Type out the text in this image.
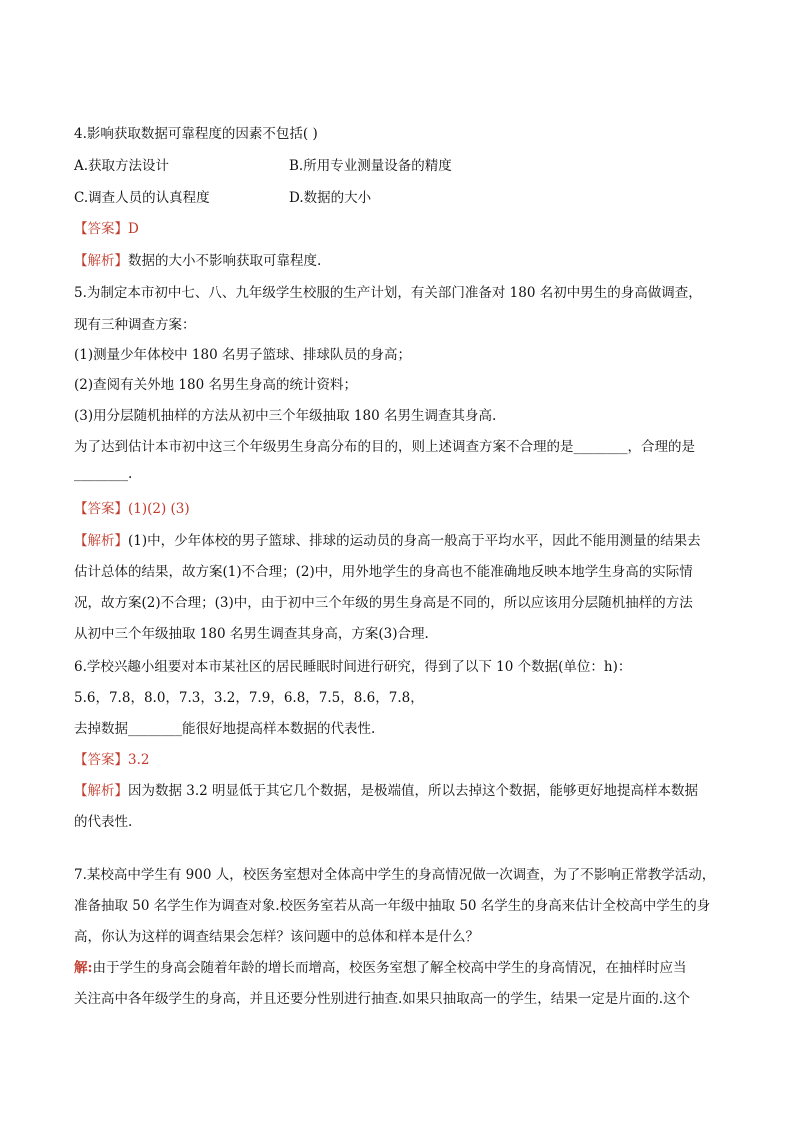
4.影响获取数据可靠程度的因素不包括( )
A.获取方法设计	B.所用专业测量设备的精度
C.调查人员的认真程度	D.数据的大小
【答案】D
【解析】数据的大小不影响获取可靠程度.
5.为制定本市初中七、八、九年级学生校服的生产计划，有关部门准备对 180 名初中男生的身高做调查，
现有三种调查方案：
(1)测量少年体校中 180 名男子篮球、排球队员的身高；
(2)查阅有关外地 180 名男生身高的统计资料；
(3)用分层随机抽样的方法从初中三个年级抽取 180 名男生调查其身高.
为了达到估计本市初中这三个年级男生身高分布的目的，则上述调查方案不合理的是________，合理的是
________.
【答案】(1)(2) (3)
【解析】(1)中，少年体校的男子篮球、排球的运动员的身高一般高于平均水平，因此不能用测量的结果去
估计总体的结果，故方案(1)不合理；(2)中，用外地学生的身高也不能准确地反映本地学生身高的实际情
况，故方案(2)不合理；(3)中，由于初中三个年级的男生身高是不同的，所以应该用分层随机抽样的方法
从初中三个年级抽取 180 名男生调查其身高，方案(3)合理.
6.学校兴趣小组要对本市某社区的居民睡眠时间进行研究，得到了以下 10 个数据(单位：h)：
5.6，7.8，8.0，7.3，3.2，7.9，6.8，7.5，8.6，7.8，
去掉数据________能很好地提高样本数据的代表性.
【答案】3.2
【解析】因为数据 3.2 明显低于其它几个数据，是极端值，所以去掉这个数据，能够更好地提高样本数据
的代表性.
7.某校高中学生有 900 人，校医务室想对全体高中学生的身高情况做一次调查，为了不影响正常教学活动，
准备抽取 50 名学生作为调查对象.校医务室若从高一年级中抽取 50 名学生的身高来估计全校高中学生的身
高，你认为这样的调查结果会怎样？该问题中的总体和样本是什么？
解:由于学生的身高会随着年龄的增长而增高，校医务室想了解全校高中学生的身高情况，在抽样时应当
关注高中各年级学生的身高，并且还要分性别进行抽查.如果只抽取高一的学生，结果一定是片面的.这个
